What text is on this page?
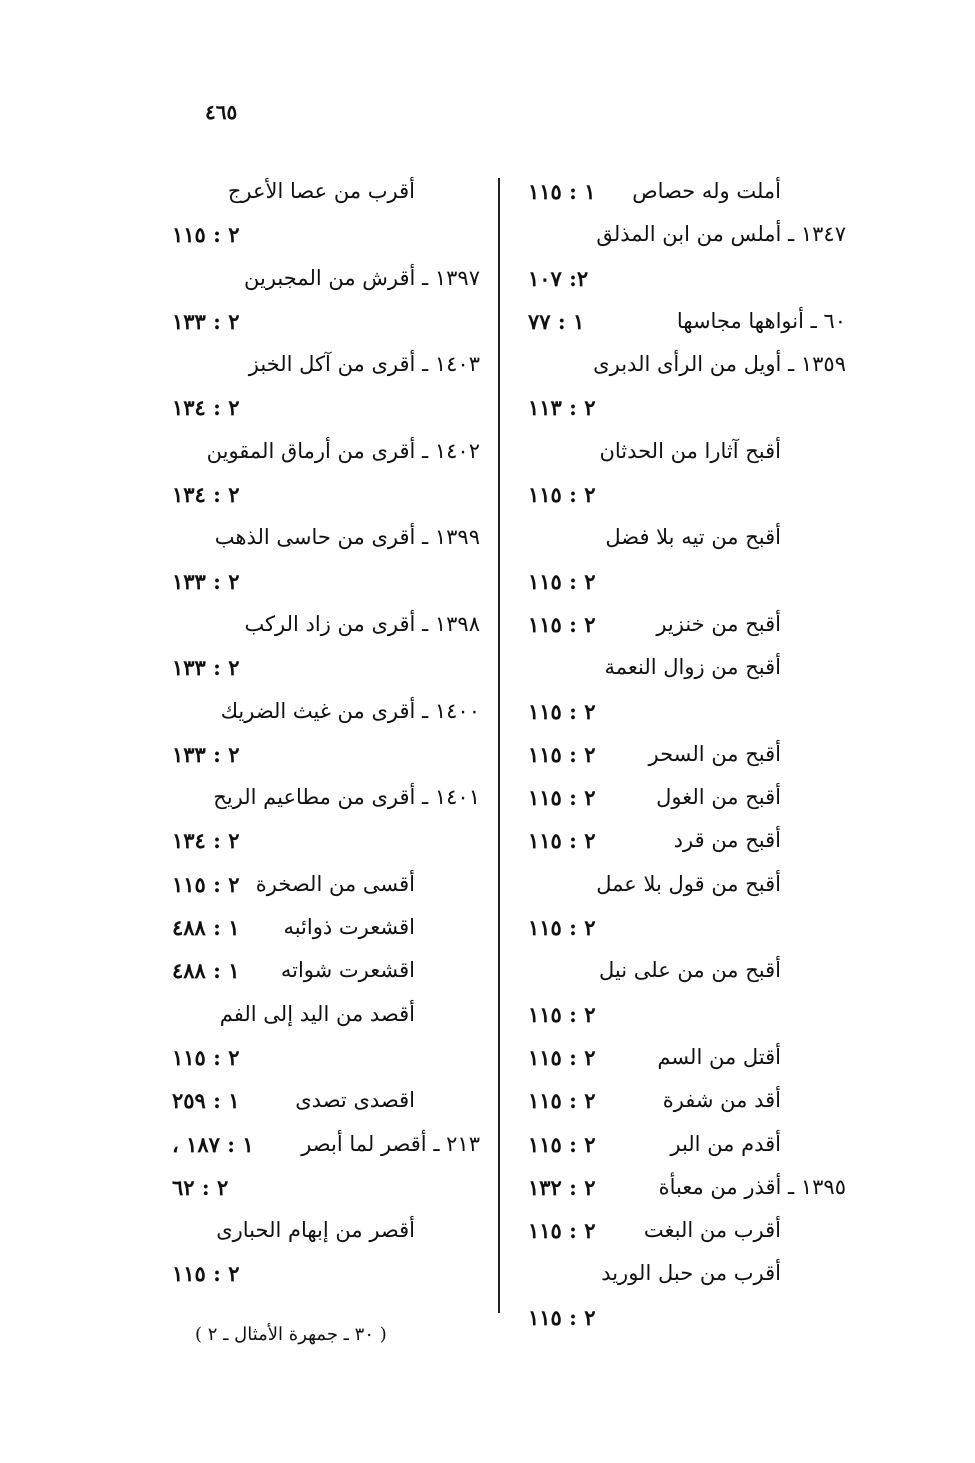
٤٦٥
أملت وله حصاص
١ : ١١٥
١٣٤٧ ـ أملس من ابن المذلق
٢: ١٠٧
٦٠ ـ أنواهها مجاسها
١ : ٧٧
١٣٥٩ ـ أويل من الرأى الدبرى
٢ : ١١٣
أقبح آثارا من الحدثان
٢ : ١١٥
أقبح من تيه بلا فضل
٢ : ١١٥
أقبح من خنزير
٢ : ١١٥
أقبح من زوال النعمة
٢ : ١١٥
أقبح من السحر
٢ : ١١٥
أقبح من الغول
٢ : ١١٥
أقبح من قرد
٢ : ١١٥
أقبح من قول بلا عمل
٢ : ١١٥
أقبح من من على نيل
٢ : ١١٥
أقتل من السم
٢ : ١١٥
أقد من شفرة
٢ : ١١٥
أقدم من البر
٢ : ١١٥
١٣٩٥ ـ أقذر من معبأة
٢ : ١٣٢
أقرب من البغت
٢ : ١١٥
أقرب من حبل الوريد
٢ : ١١٥
أقرب من عصا الأعرج
٢ : ١١٥
١٣٩٧ ـ أقرش من المجبرين
٢ : ١٣٣
١٤٠٣ ـ أقرى من آكل الخبز
٢ : ١٣٤
١٤٠٢ ـ أقرى من أرماق المقوين
٢ : ١٣٤
١٣٩٩ ـ أقرى من حاسى الذهب
٢ : ١٣٣
١٣٩٨ ـ أقرى من زاد الركب
٢ : ١٣٣
١٤٠٠ ـ أقرى من غيث الضريك
٢ : ١٣٣
١٤٠١ ـ أقرى من مطاعيم الريح
٢ : ١٣٤
أقسى من الصخرة
٢ : ١١٥
اقشعرت ذوائبه
١ : ٤٨٨
اقشعرت شواته
١ : ٤٨٨
أقصد من اليد إلى الفم
٢ : ١١٥
اقصدى تصدى
١ : ٢٥٩
٢١٣ ـ أقصر لما أبصر
١ : ١٨٧ ،
٢ : ٦٢
أقصر من إبهام الحبارى
٢ : ١١٥
( ٣٠ ـ جمهرة الأمثال ـ ٢ )
